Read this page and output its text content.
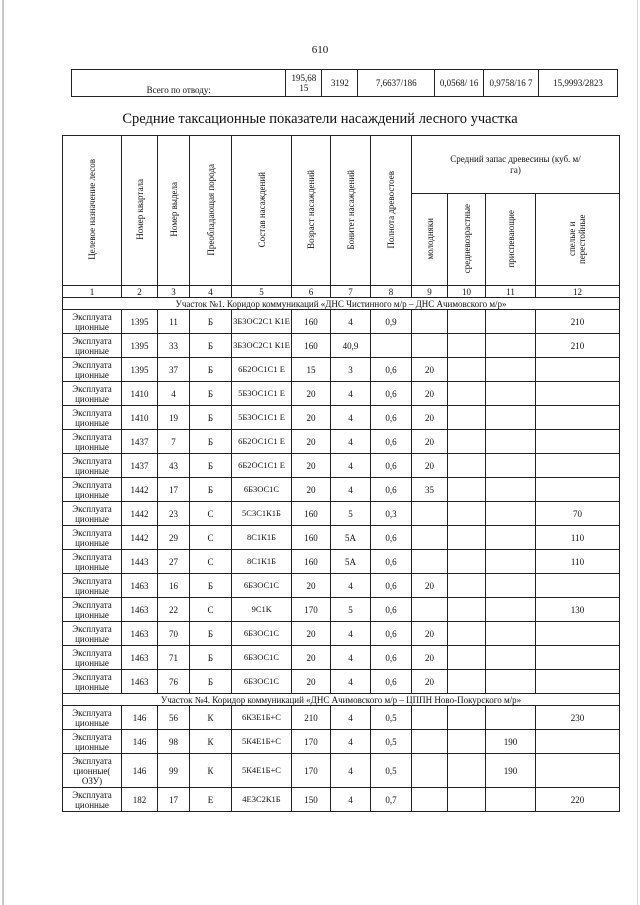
610
Всего по отводу:	195,68 15	3192	7,6637/186	0,0568/ 16	0,9758/16 7	15,9993/2823
Средние таксационные показатели насаждений лесного участка
Целевое назначение лесов	Номер квартала	Номер выдела	Преобладающая порода	Состав насаждений	Возраст насаждений	Бонитет насаждений	Полнота древостоев	Средний запас древесины (куб. м/га)			
								молодняки	средневозрастные	приспевающие	спелые и перестойные
1	2	3	4	5	6	7	8	9	10	11	12
Участок №1. Коридор коммуникаций «ДНС Чистинного м/р – ДНС Ачимовского м/р»											
Эксплуата ционные	1395	11	Б	3Б3ОС2С1 К1Е	160	4	0,9				210
Эксплуата ционные	1395	33	Б	3Б3ОС2С1 К1Е	160	40,9					210
Эксплуата ционные	1395	37	Б	6Б2ОС1С1 Е	15	3	0,6	20			
Эксплуата ционные	1410	4	Б	5Б3ОС1С1 Е	20	4	0,6	20			
Эксплуата ционные	1410	19	Б	5Б3ОС1С1 Е	20	4	0,6	20			
Эксплуата ционные	1437	7	Б	6Б2ОС1С1 Е	20	4	0,6	20			
Эксплуата ционные	1437	43	Б	6Б2ОС1С1 Е	20	4	0,6	20			
Эксплуата ционные	1442	17	Б	6Б3ОС1С	20	4	0,6	35			
Эксплуата ционные	1442	23	С	5С3С1К1Б	160	5	0,3				70
Эксплуата ционные	1442	29	С	8С1К1Б	160	5А	0,6				110
Эксплуата ционные	1443	27	С	8С1К1Б	160	5А	0,6				110
Эксплуата ционные	1463	16	Б	6Б3ОС1С	20	4	0,6	20			
Эксплуата ционные	1463	22	С	9С1К	170	5	0,6				130
Эксплуата ционные	1463	70	Б	6Б3ОС1С	20	4	0,6	20			
Эксплуата ционные	1463	71	Б	6Б3ОС1С	20	4	0,6	20			
Эксплуата ционные	1463	76	Б	6Б3ОС1С	20	4	0,6	20			
Участок №4. Коридор коммуникаций «ДНС Ачимовского м/р – ЦППН Ново-Покурского м/р»											
Эксплуата ционные	146	56	К	6К3Е1Б+С	210	4	0,5				230
Эксплуата ционные	146	98	К	5К4Е1Б+С	170	4	0,5			190	
Эксплуата ционные( ОЗУ)	146	99	К	5К4Е1Б+С	170	4	0,5			190	
Эксплуата ционные	182	17	Е	4Е3С2К1Б	150	4	0,7				220
